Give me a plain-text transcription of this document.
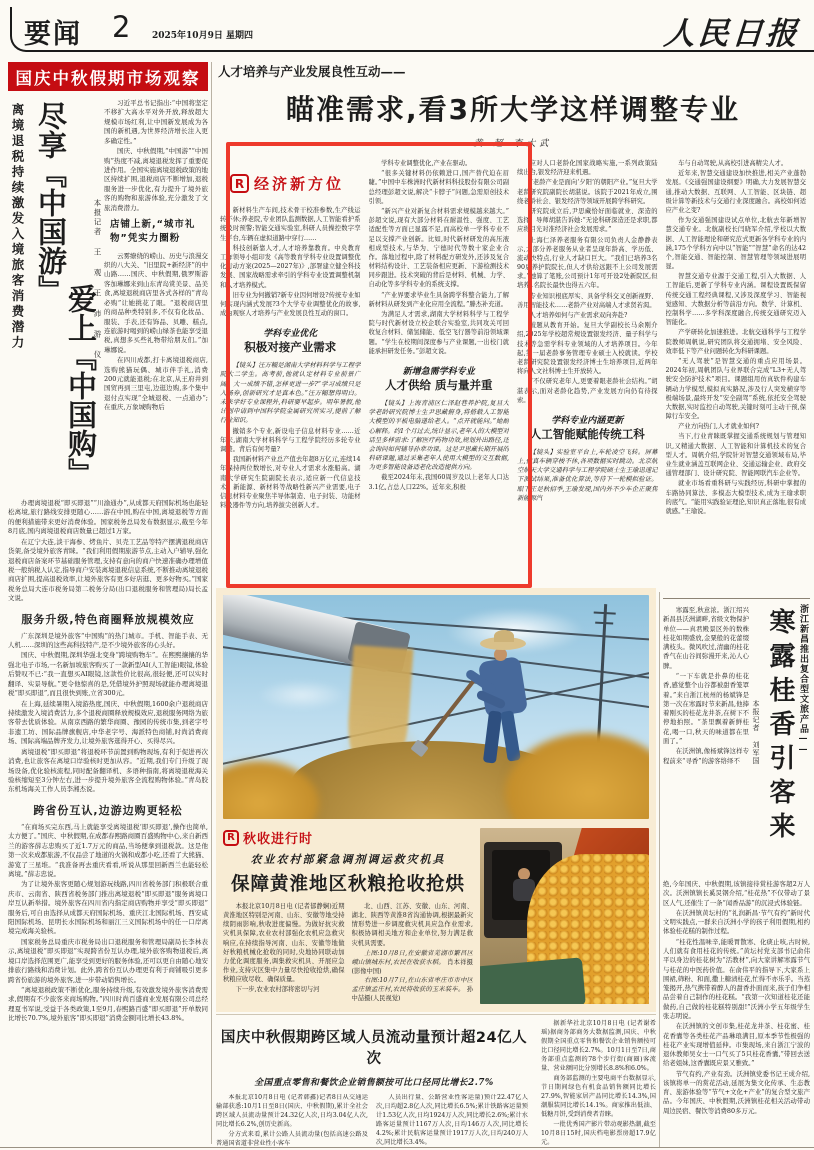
要闻 2 2025年10月9日 星期四	人民日报
国庆中秋假期市场观察
离境退税持续激发入境旅客消费潜力 尽享『中国游』
爱上『中国购』
本报记者 王 观 王 沛 游 仪

习近平总书记指出:“中国将坚定不移扩大高水平对外开放,释放超大规模市场红利,让中国新发展成为各国的新机遇,为世界经济增长注入更多确定性。”

国庆、中秋假期,“中国游”“中国购”热度不减,离境退税发挥了重要促进作用。全国实施离境退税政策的地区持续扩围,退税商店不断增加,退税服务进一步优化,有力提升了境外旅客的购物和旅游体验,充分激发了文旅消费潜力。

店铺上新,“城市礼物”凭实力圈粉

云雾缭绕的崂山、历史与浪漫交织的八大关、“旧里院+新经济”的中山路……国庆、中秋假期,俄罗斯游客加琳娜来到山东青岛赏美景、品美食,离境退税商店里各式各样的“青岛必购”让她挑花了眼。“退税商店里的商品种类特别多,不仅有化妆品、服装、手表,还有饰品、贝雕、糕点,连旅游时喝到的崂山绿茶也能享受退税,真想多买些礼物带给朋友们。”加琳娜说。

在四川成都,打卡离境退税商店,选购熊猫玩偶、城市伴手礼,消费200元就能退税;在北京,从王府井到国贸再到三里屯,边逛边购,多个集中退付点实现“全城退税、一点通办”;在重庆,万象城购物后

办理离境退税“即买即退”“川渝通办”,从成都天府国际机场也能轻松离境,旅行路线安排更随心……游在中国,购在中国,离境退税等方面的便利措施带来更好消费体验。国家税务总局发布数据显示,截至今年8月底,国内离境退税商店数量已超过1万家。

在辽宁大连,淡干海参、烤鱼片、贝壳工艺品等特产摆满退税商店货架,备受境外旅客青睐。“我们利用假期旅游节点,主动入户辅导,强化退税商店备案环节基础服务管理,支持有意向的商户快速准确办理增值税一般纳税人认定,指导商户安装离境退税信息系统,不断推动离境退税商店扩围,提高退税效率,让境外旅客有更多好店逛、更多好物买。”国家税务总局大连市税务局第二税务分局(出口退税服务和管理局)局长孟文说。

服务升级,特色商圈释放规模效应

广东深圳是境外旅客“中国购”的热门城市。手机、智能手表、无人机……深圳的这些高科技特产,是不少境外旅客的心头好。

国庆、中秋假期,深圳华强北变身“跨境购物车”。在熙熙攘攘的华强北电子市场,一名新加坡旅客购买了一款新型AI(人工智能)眼镜,体验后赞叹不已:“我一直想买AI眼镜,这款性价比很高,很轻便,还可以实时翻译、实景导航。”更令他惊喜的是,凭借境外护照现场就能办理离境退税“即买即退”,而且很快到账,立省300元。

在上海,延续暑期入境游热度,国庆、中秋假期,1600余户退税商店持续激发入境消费活力,多个退税商圈释放规模效应,退税服务网络为旅客带去优质体验。从南京西路的繁华商圈、豫园的传统市集,到老字号非遗工坊、国际品牌旗舰店,中华老字号、海派特色商铺,时尚消费商场、国际高端品牌齐发力,让境外旅客逛得开心、买得尽兴。

离境退税“即买即退”将退税环节前置到购物现场,有利于促进再次消费,也让旅客在离境口岸验核时更加从容。“近期,我们专门升级了现场设备,优化验核流程,同时配备翻译机、多语种指南,将离境退税海关验核缩短至3分钟左右,进一步提升境外旅客全流程购物体验。”青岛胶东机场海关工作人员李湘杰说。

跨省份互认,边游边购更轻松

“在商场买完东西,马上就能享受离境退税‘即买即退’,操作也简单,太方便了。”国庆、中秋假期,在成都春熙路商圈百盛购物中心,来自新西兰的游客薛志忠购买了近1.7万元的商品,当场便拿到退税款。这是他第一次来成都旅游,不仅品尝了地道的火锅和成都小吃,还看了大熊猫、游览了三星堆。“我准备再去重庆看看,听说从那里回新西兰也能轻松离境。”薛志忠说。

为了让境外旅客更随心规划游玩线路,四川省税务部门积极联合重庆市、云南省、陕西省税务部门推出离境退税“即买即退”服务离境口岸互认新举措。境外旅客在四川省内指定商店购物并享受“即买即退”服务后,可自由选择从成都天府国际机场、重庆江北国际机场、西安咸阳国际机场、昆明长水国际机场和丽江三义国际机场中的任一口岸离境完成海关验核。

国家税务总局重庆市税务局出口退税服务和管理局副局长李林表示,离境退税“即买即退”实现跨省份互认办理,境外旅客购物退税后,离境口岸选择范围更广,能享受到更好的服务体验,还可以更自由随心地安排旅行路线和消费计划。此外,跨省份互认办理更有利于商铺吸引更多跨省份旅游的境外旅客,进一步带动销售增长。

“离境退税政策不断优化,服务持续升级,有效激发境外旅客消费需求,假期有不少旅客来商场购物。”四川时尚百盛商业发展有限公司总经理夏书军说,受益于各类政策,1至9月,春熙路百盛“即买即退”开单数同比增长70.7%,境外旅客“即买即退”消费金额同比增长43.8%。

人才培养与产业发展良性互动——
瞄准需求,看3所大学这样调整专业
黄 超 李大武
R 经济新方位

新材料生产车间,技术骨干校准参数,生产线运转不休;养老院,专业团队监测数据,人工智能看护系统及时预警;智能交通实验室,科研人员操控数字孪生平台,车辆在虚拟道路中穿行……

科技创新靠人才,人才培养靠教育。中央教育工作领导小组印发《高等教育学科专业设置调整优化行动方案(2025—2027年)》,部署建立健全科技发展、国家战略需求牵引的学科专业设置调整机制和人才培养模式。

旧专业为何撤销?新专业因何增设?传统专业如何实现内涵式发展?3个大学专业调整优化的故事,成为观察人才培养与产业发展良性互动的窗口。

学科专业优化
积极对接产业需求

【镜头】汪万幅是湖南大学材料科学与工程学院大二学生。高考前,他就认定材料专业前景广阔。大一成绩不错,怎样更进一步?“学习成绩只是入场券,创新研究才是真本色。”汪万幅想得明白。未来学好专业课程外,科研要早起步。明年暑假,他计划申请到中国科学院金属研究所实习,提前了解行业知识。

撤销多个专业,新设电子信息材料专业……近年来,湖南大学材料科学与工程学院经历多轮专业调整。背后有何考量?

我国新材料产业总产值去年超8万亿元,连续14年保持两位数增长,对专业人才需求水涨船高。湖南大学研究生院副院长表示,适应新一代信息技术、新能源、新材料等战略性新兴产业需要,电子信息材料专业聚焦半导体制造、电子封装、功能材料及器件等方向,培养拔尖创新人才。

学科专业调整优化,产业在驱动。

“很多关键材料仍依赖进口,国产替代迫在眉睫。”中国中车株洲时代新材料科技股份有限公司副总经理彭超文说,解决“卡脖子”问题,急需原创技术引领。

“新兴产业对新复合材料需求规模越来越大。”彭超文说,现有大部分材料在耐温性、强度、工艺适配性等方面已显露不足,而高校单一学科专业不足以支撑产业创新。比如,时代新材研发的高压液相成型技术,与华为、宁德时代等数十家企业合作。落地过程中,除了材料配方研发外,还涉及复合材料结构设计、工艺装备相应更新、下游检测技术同步跟进。技术突破的背后是材料、机械、力学、自动化等多学科专业的系统支撑。

“产业界要求毕业生具备跨学科整合能力,了解新材料从研发到产业化应用全流程。”滕杰补充道。

为满足人才需求,湖南大学材料科学与工程学院与时代新材设立校企联合实验室,共同攻关可回收复合材料、储氢储能、低空飞行器等前沿领域课题。“学生在校期间深度参与产业课题,一出校门就能承担研发任务。”彭超文说。

新增急需学科专业
人才供给 质与量并重

【镜头】上海青浦区仁泽赵巷养护院,复旦大学老龄研究院博士生尹思藏俯身,将搭载人工智能大模型的平板电脑递给老人。“点开就能问。”她耐心解释。约1个月过去,统计显示,老年人的大模型对话呈多样需求:了解医疗药物功效,规划外出路径,还会询问如何辅导孙辈功课。这是尹思藏长期开展的科研课题,通过采集老年人使用大模型的交互数据,为更多智能设备适老化改造提供方向。

截至2024年末,我国60周岁及以上老年人口达3.1亿,占总人口22%。近年来,积极

应对人口老龄化国家战略实施,一系列政策陆续出台,银发经济迎来机遇。

“老龄产业是面向‘夕阳’的朝阳产业。”复旦大学老龄研究院副院长胡湛说。该院于2021年成立,围绕老龄社会、银发经济等领域开展跨学科研究。

研究院成立后,尹思藏恰好面临就业、深造的选择。导师胡湛告诉她:“无论科研深造还是求职,都应将目光对准经济社会发展需求。”

上海仁泽养老服务有限公司负责人金静静表示,大部分养老服务从业者呈现年龄高、学历低、流动快特点,行业人才缺口巨大。“我们已培养3名90后养护院院长,但人才供给远跟不上公司发展需求。”她算了笔账,公司预计1年可开设2处新院区,但培养1名院长最快也得五六年。

专业知识根底厚实、具备学科交叉创新视野、善用智能技术……老龄产业对高端人才求贤若渴。

人才培养如何与产业需求双向奔赴?

破题从教育开始。复旦大学副校长马余刚介绍,2025年学校超常规设置银发经济、量子科学与技术等急需学科专业领域的人才培养项目。今年起,第一届老龄事务管理专业硕士入校就读。学校老龄研究院设置银发经济博士生培养项目,近两年将向人文社科博士生开放转入。

“不仅研究老年人,更要着眼老龄社会结构。”胡湛表示,面对老龄化趋势,产业发展方向仍有待探索。

学科专业内涵更新
人工智能赋能传统工科

【镜头】实验室平台上,车轮凌空飞转。屏幕上,仿真车辆穿梭不休,各项数据实时跳动。北京航空航天大学交通科学与工程学院硕士生王瑜迅速记下测试结果,准备优化算法,等待下一轮模拟验证。眼下正是秋招季,王瑜发现,国内外不少车企正聚焦新能源汽

车与自动驾驶,从高校引进高精尖人才。

近年来,智慧交通建设加快推进,相关产业蓬勃发展。《交通强国建设纲要》明确,大力发展智慧交通,推动大数据、互联网、人工智能、区块链、超级计算等新技术与交通行业深度融合。高校如何适应产业之变?

作为交通强国建设试点单位,北航去年新增智慧交通专业。北航副校长闫晓军介绍,学校以大数据、人工智能理论和研究范式更新各学科专业的内涵,175个学科方向中以“智能”“智慧”命名的达42个,智能交通、智能控制、智慧管理等领域进展明显。

智慧交通专业源于交通工程,引入大数据、人工智能后,更新了学科专业内涵。课程设置既保留传统交通工程经典课程,又涉及深度学习、智能视觉感知、大数据分析等前沿方向。数学、计算机、控制科学……多学科深度融合,传统交通研究迈入智能化。

产学研转化加速推进。北航交通科学与工程学院教师周帆说,研究团队将交通拥堵、安全风险、效率低下等产业问题转化为科研课题。

“无人驾驶”是智慧交通的重点应用场景。2024年初,周帆团队与业界联合完成“L3+无人驾驶安全防护技术”项目。课题组用仿真软件构建车辆动力学模型,模拟真实路况,涉及行人突发横穿等极端场景,最终开发“安全副驾”系统,依托安全驾驶大数据,实时监控自动驾驶,关键时刻可主动干预,保障行车安全。

产业方向热门,人才就业如何?

当下,行业青睐既掌握交通系统规划与管理知识,又精通大数据、人工智能和计算机技术的复合型人才。周帆介绍,学院针对智慧交通领域布局,毕业生就业涵盖互联网企业、交通运输企业、政府交通管理部门、设计研究院、智能网联汽车企业等。

就业市场看重科研与实践经历,科研中掌握的车路协同算法、多模态大模型技术,成为王瑜求职的底气。“能用实践验证理论,知识真正落地,很有成就感。”王瑜说。

R 秋收进行时
农业农村部紧急调剂调运救灾机具
保障黄淮地区秋粮抢收抢烘

本报北京10月8日电 (记者郁静娴)近期黄淮地区特别是河南、山东、安徽等地受持续阴雨影响,秋收进度偏慢。为做好抗灾救灾机具保障,农业农村部强化农机应急救灾响应,在持续指导河南、山东、安徽等地做好秋粮机械化抢收的同时,央地协同联动加力优化调度服务,调集救灾机具、开展应急作业,支持灾区集中力量尽快抢收抢烘,确保秋粮应收尽收、确保质量。

下一步,农业农村部将密切与河

北、山西、江苏、安徽、山东、河南、湖北、陕西等黄淮8省沟通协调,根据最新灾情形势进一步调度救灾机具应急作业需求,积极协调相关地方和企业单位,努力满足救灾机具需要。

上图:10月8日,在安徽省芜湖市繁昌区峨山镇城东村,农民在收获水稻。 肖本祥摄(影像中国)

右图:10月7日,在山东省枣庄市市中区孟庄镇孟庄村,农民将收获的玉米装车。 孙中喆摄(人民视觉)

国庆中秋假期跨区域人员流动量预计超24亿人次
全国重点零售和餐饮企业销售额按可比口径同比增长2.7%

本报北京10月8日电 (记者韩鑫)记者8日从交通运输部获悉:10月1日至8日(国庆、中秋假期),累计全社会跨区域人员流动量预计24.32亿人次,日均3.04亿人次,同比增长6.2%,创历史新高。

分方式来看,累计公路人员流动量(包括高速公路及普通国省道非营业性小客车

人员出行量、公路营业性客运量)预计22.47亿人次,日均超2.8亿人次,同比增长6.5%;累计铁路客运量预计1.53亿人次,日均1924万人次,同比增长2.6%;累计水路客运量预计1167万人次,日均146万人次,同比增长4.2%;累计民航客运量预计1917万人次,日均240万人次,同比增长3.4%。

据新华社北京10月8日电 (记者谢希瑶)据商务部商务大数据监测,国庆、中秋假期全国重点零售和餐饮企业销售额按可比口径同比增长2.7%。10月1日至7日,商务部重点监测的78个步行街(商圈)客流量、营业额同比分别增长8.8%和6.0%。

商务部监测的主要电商平台数据显示,节日期间绿色有机食品销售额同比增长27.9%,智能家居产品同比增长14.3%,国潮服装同比增长14.1%。商家推出低油、低糖月饼,受到消费者青睐。

一批优秀国产影片带动观影热潮,截至10月8日15时,国庆档电影票房超17.9亿元。

寒露至,秋意浓。浙江绍兴新昌县沃洲湖畔,省级文物保护单位——真君殿景区外的数株桂花如期盛放,金粟般的花蕾缀满枝头。微风吹过,清幽的桂花香气在山谷间弥漫开来,沁人心脾。

“一下车就是扑鼻的桂花香,感觉整个山谷都被甜香笼罩着。”来自浙江杭州的杨斌锋是第一次在寒露时节来新昌,他捧着刚买的桂花龙井茶,在树下不停地拍照。“茶里飘着新鲜桂花,喝一口,秋天的味道都在里面了。”

在沃洲镇,像杨斌锋这样专程前来“寻香”的游客络绎不	本报记者 刘军国 寒露桂香引客来 浙江新昌推出复合型文旅产品——

绝,今年国庆、中秋假期,该镇接待赏桂游客超2万人次。沃洲镇镇长奚炅钢介绍,“桂花热”不仅带动了景区人气,还催生了一条“闻香品游”的沉浸式体验链。

在沃洲镇黄坛村的“礼润新昌·节气有约”新时代文明实践点,一群来自沃洲小学的孩子利用假期,相约体验桂花糕的制作过程。

“桂花性温味辛,能暖胃散寒、化痰止咳,古时候,人们就有食用桂花的传统。”黄坛村党支部书记俞伟平以身边的桂花树为“活教材”,向大家讲解寒露节气与桂花的中医药价值。在俞伟平的指导下,大家系上围裙,筛粉、和面,撒上糖渍桂花,忙得不亦乐乎。当蒸笼揭开,热气携带着醉人的甜香扑面而来,孩子们争相品尝着自己制作的桂花糕。“我第一次知道桂花还能做药,自己做的桂花糕特别甜!”沃洲小学五年级学生张志明说。

在沃洲镇的文创市集,桂花龙井茶、桂花蜜、桂花香囊等各类桂花产品琳琅满目,原本季节性极强的桂花产业实现增值延伸。市集现场,来自浙江宁波的退休教师吴女士一口气买了5只桂花香囊,“带回去送给老姐妹,这香囊既应景又雅致。”

节气有约,产业有劲。沃洲镇党委书记王成介绍,该镇将单一的赏花活动,延展为集文化传承、生态教育、旅游体验等“节气+文化+产业”的复合型文旅产品。今年国庆、中秋假期,沃洲镇桂花相关活动带动周边民宿、餐饮等消费80多万元。
